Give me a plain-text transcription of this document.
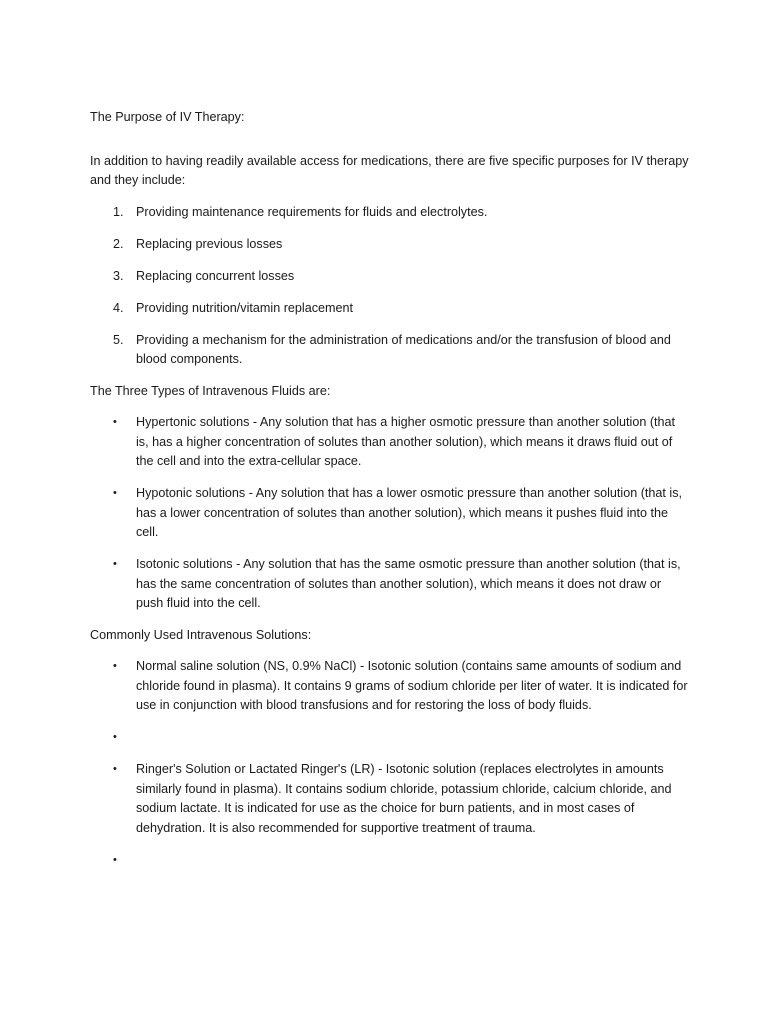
The Purpose of IV Therapy:

In addition to having readily available access for medications, there are five specific purposes for IV therapy and they include:

1. Providing maintenance requirements for fluids and electrolytes.
2. Replacing previous losses
3. Replacing concurrent losses
4. Providing nutrition/vitamin replacement
5. Providing a mechanism for the administration of medications and/or the transfusion of blood and blood components.

The Three Types of Intravenous Fluids are:

•	Hypertonic solutions - Any solution that has a higher osmotic pressure than another solution (that is, has a higher concentration of solutes than another solution), which means it draws fluid out of the cell and into the extra-cellular space.
•	Hypotonic solutions - Any solution that has a lower osmotic pressure than another solution (that is, has a lower concentration of solutes than another solution), which means it pushes fluid into the cell.
•	Isotonic solutions - Any solution that has the same osmotic pressure than another solution (that is, has the same concentration of solutes than another solution), which means it does not draw or push fluid into the cell.

Commonly Used Intravenous Solutions:

•	Normal saline solution (NS, 0.9% NaCl) - Isotonic solution (contains same amounts of sodium and chloride found in plasma). It contains 9 grams of sodium chloride per liter of water. It is indicated for use in conjunction with blood transfusions and for restoring the loss of body fluids.
•
•	Ringer's Solution or Lactated Ringer's (LR) - Isotonic solution (replaces electrolytes in amounts similarly found in plasma). It contains sodium chloride, potassium chloride, calcium chloride, and sodium lactate. It is indicated for use as the choice for burn patients, and in most cases of dehydration. It is also recommended for supportive treatment of trauma.
•
